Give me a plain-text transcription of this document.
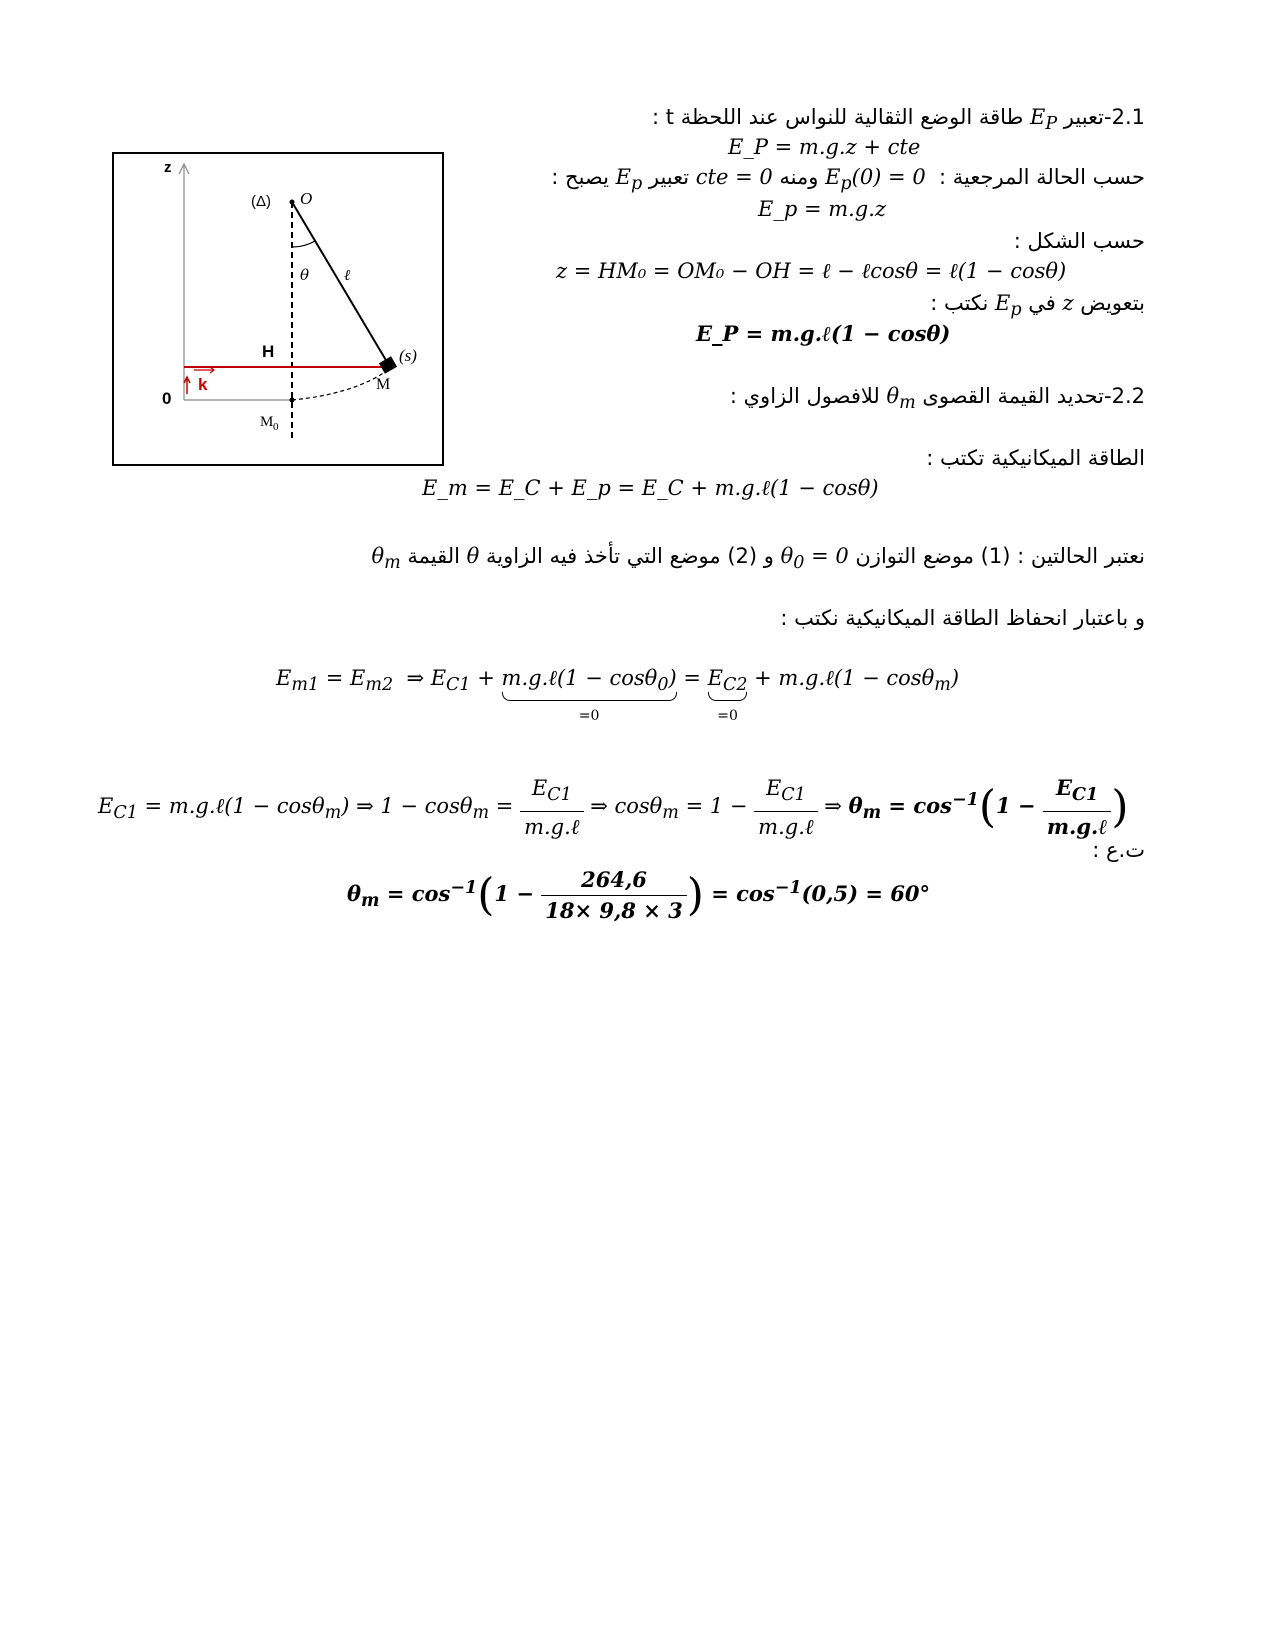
z
k
(Δ) O
θ ℓ
H	(s)
M
0
M 0
2.1-تعبير $E_P$ طاقة الوضع الثقالية للنواس عند اللحظة t :
E_P = m.g.z + cte
حسب الحالة المرجعية :  $E_p(0) = 0$ ومنه cte = 0 تعبير $E_p$ يصبح :
E_p = m.g.z
حسب الشكل :
z = HM₀ = OM₀ − OH = ℓ − ℓcosθ = ℓ(1 − cosθ)
بتعويض z في $E_p$ نكتب :
E_P = m.g.ℓ(1 − cosθ)
2.2-تحديد القيمة القصوى $\theta_m$ للافصول الزاوي :
الطاقة الميكانيكية تكتب :
E_m = E_C + E_p = E_C + m.g.ℓ(1 − cosθ)
نعتبر الحالتين : (1) موضع التوازن $\theta_0 = 0$ و (2) موضع التي تأخذ فيه الزاوية θ القيمة $\theta_m$
و باعتبار انحفاظ الطاقة الميكانيكية نكتب :
$E_{m1} = E_{m2}$  ⇒ $E_{C1}$ + m.g.ℓ(1 − cosθ$_0$)
=0
= $E_{C2}$
=0
+ m.g.ℓ(1 − cosθ$_m$)
$E_{C1}$ = m.g.ℓ(1 − cosθ$_m$) ⇒ $1 - \cos\theta_m = \frac{E_{C1}}{\text{m.g.ℓ}}$ ⇒ $\cos\theta_m = 1 - \frac{E_{C1}}{\text{m.g.ℓ}}$ ⇒ $\theta_m = \cos^{-1}(1 - \frac{E_{C1}}{\text{m.g.ℓ}}$ )
ت.ع :
$\theta_m = \cos^{-1}(1 - \frac{264,6}{18\times 9,8 \times 3}$ ) = $\cos^{-1}(0,5) = 60^\circ$
